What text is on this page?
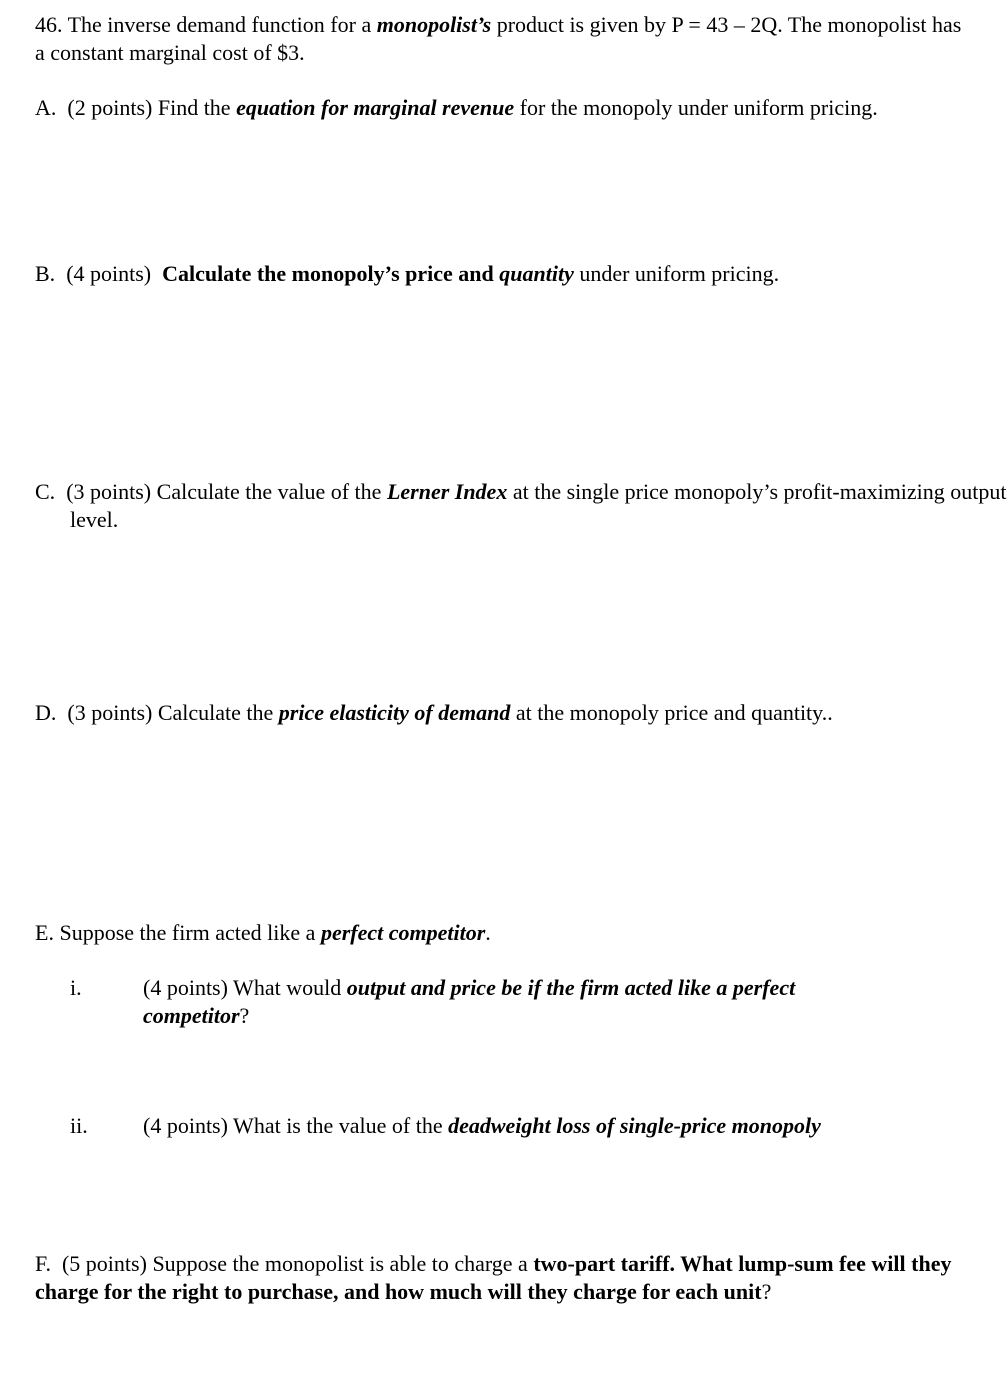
46. The inverse demand function for a monopolist’s product is given by P = 43 – 2Q. The monopolist has a constant marginal cost of $3.

A. (2 points) Find the equation for marginal revenue for the monopoly under uniform pricing.

B. (4 points) Calculate the monopoly’s price and quantity under uniform pricing.

C. (3 points) Calculate the value of the Lerner Index at the single price monopoly’s profit-maximizing output level.

D. (3 points) Calculate the price elasticity of demand at the monopoly price and quantity..

E. Suppose the firm acted like a perfect competitor.

i.	(4 points) What would output and price be if the firm acted like a perfect competitor?
ii.	(4 points) What is the value of the deadweight loss of single-price monopoly

F. (5 points) Suppose the monopolist is able to charge a two-part tariff. What lump-sum fee will they charge for the right to purchase, and how much will they charge for each unit?
